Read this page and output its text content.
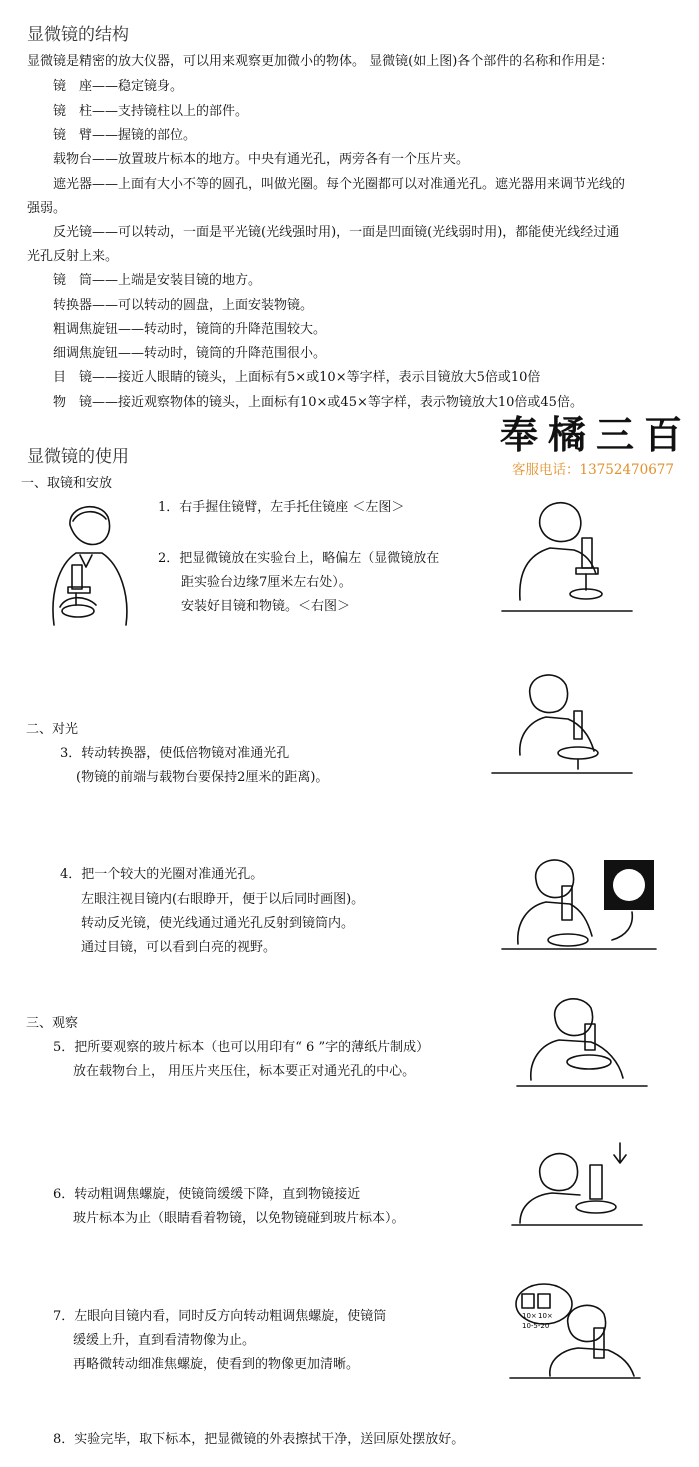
显微镜的结构
显微镜是精密的放大仪器，可以用来观察更加微小的物体。 显微镜(如上图)各个部件的名称和作用是：
镜　座——稳定镜身。
镜　柱——支持镜柱以上的部件。
镜　臂——握镜的部位。
载物台——放置玻片标本的地方。中央有通光孔，两旁各有一个压片夹。
遮光器——上面有大小不等的圆孔，叫做光圈。每个光圈都可以对准通光孔。遮光器用来调节光线的
强弱。
反光镜——可以转动，一面是平光镜(光线强时用)，一面是凹面镜(光线弱时用)，都能使光线经过通
光孔反射上来。
镜　筒——上端是安装目镜的地方。
转换器——可以转动的圆盘，上面安装物镜。
粗调焦旋钮——转动时，镜筒的升降范围较大。
细调焦旋钮——转动时，镜筒的升降范围很小。
目　镜——接近人眼睛的镜头，上面标有5×或10×等字样，表示目镜放大5倍或10倍
物　镜——接近观察物体的镜头，上面标有10×或45×等字样，表示物镜放大10倍或45倍。
奉橘三百
客服电话：13752470677
显微镜的使用
一、取镜和安放
1．右手握住镜臂，左手托住镜座 ＜左图＞
2．把显微镜放在实验台上，略偏左（显微镜放在
距实验台边缘7厘米左右处）。
安装好目镜和物镜。＜右图＞
二、对光
3．转动转换器，使低倍物镜对准通光孔
(物镜的前端与载物台要保持2厘米的距离)。
4．把一个较大的光圈对准通光孔。
左眼注视目镜内(右眼睁开，便于以后同时画图)。
转动反光镜，使光线通过通光孔反射到镜筒内。
通过目镜，可以看到白亮的视野。
三、观察
5．把所要观察的玻片标本（也可以用印有“ 6 ”字的薄纸片制成）
放在载物台上， 用压片夹压住，标本要正对通光孔的中心。
6．转动粗调焦螺旋，使镜筒缓缓下降，直到物镜接近
玻片标本为止（眼睛看着物镜，以免物镜碰到玻片标本）。
7．左眼向目镜内看，同时反方向转动粗调焦螺旋，使镜筒
缓缓上升，直到看清物像为止。
再略微转动细准焦螺旋，使看到的物像更加清晰。
8．实验完毕，取下标本，把显微镜的外表擦拭干净，送回原处摆放好。
10× 10×
10-5-20
